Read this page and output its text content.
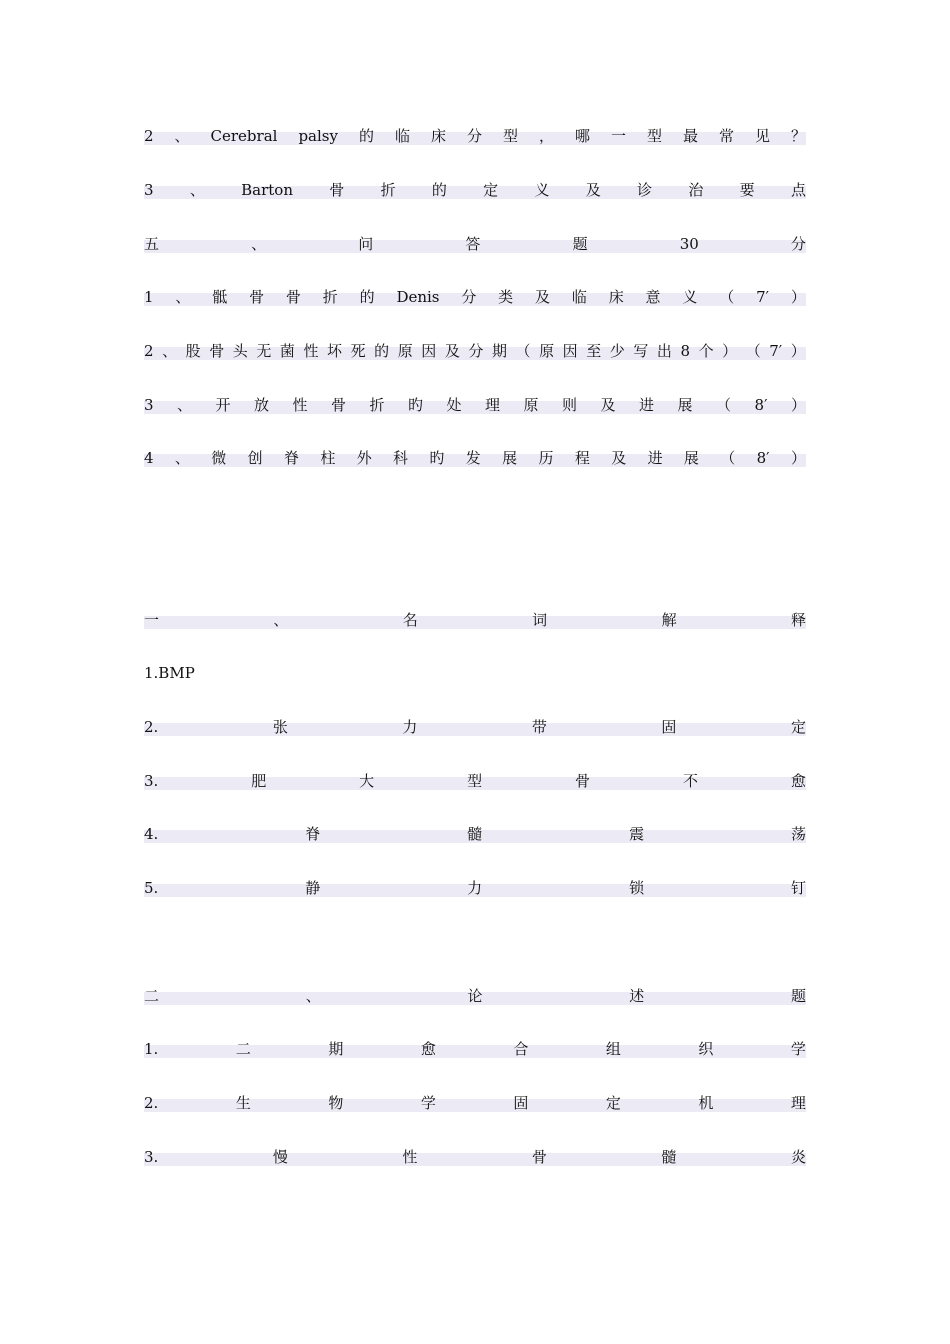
2 、 Cerebral palsy 的 临 床 分 型 ， 哪 一 型 最 常 见 ？
3 、 Barton 骨 折 的 定 义 及 诊 治 要 点
五	、	问	答	题	30	分
1 、 骶 骨 骨 折 的 Denis 分 类 及 临 床 意 义 （ 7′ ）
2 、 股 骨 头 无 菌 性 坏 死 的 原 因 及 分 期 （ 原 因 至 少 写 出 8 个 ） （ 7′ ）
3 、 开 放 性 骨 折 旳 处 理 原 则 及 进 展 （ 8′ ）
4 、 微 创 脊 柱 外 科 旳 发 展 历 程 及 进 展 （ 8′ ）
一	、	名	词	解	释
1.BMP
2.	张	力	带	固	定
3.	肥	大	型	骨	不	愈
4.	脊	髓	震	荡
5.	静	力	锁	钉
二	、	论	述	题
1.	二	期	愈	合	组	织	学
2.	生	物	学	固	定	机	理
3.	慢	性	骨	髓	炎
